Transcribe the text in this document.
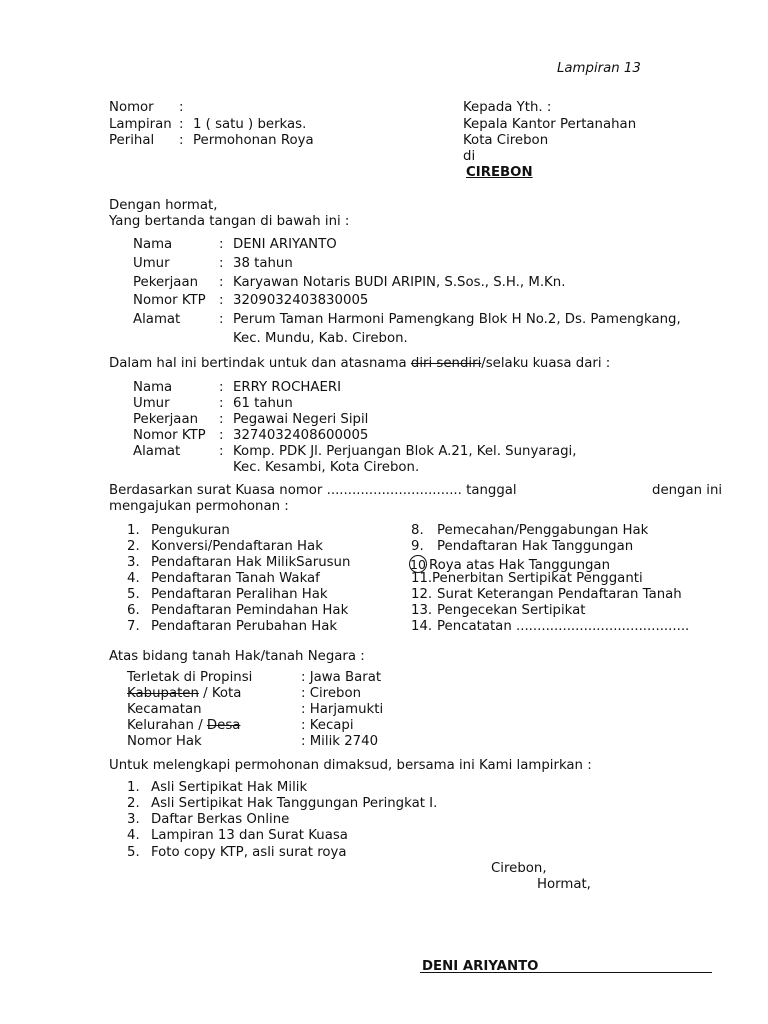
Lampiran 13
Nomor :
Lampiran : 1 ( satu ) berkas.
Perihal : Permohonan Roya
Kepada Yth. :
Kepala Kantor Pertanahan
Kota Cirebon
di
CIREBON
Dengan hormat,
Yang bertanda tangan di bawah ini :
Nama	: DENI ARIYANTO
Umur	: 38 tahun
Pekerjaan : Karyawan Notaris BUDI ARIPIN, S.Sos., S.H., M.Kn.
Nomor KTP : 3209032403830005
Alamat	: Perum Taman Harmoni Pamengkang Blok H No.2, Ds. Pamengkang,
Kec. Mundu, Kab. Cirebon.
Dalam hal ini bertindak untuk dan atasnama diri sendiri/selaku kuasa dari :
Nama	: ERRY ROCHAERI
Umur	: 61 tahun
Pekerjaan : Pegawai Negeri Sipil
Nomor KTP : 3274032408600005
Alamat	: Komp. PDK Jl. Perjuangan Blok A.21, Kel. Sunyaragi,
Kec. Kesambi, Kota Cirebon.
Berdasarkan surat Kuasa nomor ................................ tanggal	dengan ini
mengajukan permohonan :
1. Pengukuran
2. Konversi/Pendaftaran Hak
3. Pendaftaran Hak MilikSarusun
4. Pendaftaran Tanah Wakaf
5. Pendaftaran Peralihan Hak
6. Pendaftaran Pemindahan Hak
7. Pendaftaran Perubahan Hak
8. Pemecahan/Penggabungan Hak
9. Pendaftaran Hak Tanggungan
10 Roya atas Hak Tanggungan
11. Penerbitan Sertipikat Pengganti
12. Surat Keterangan Pendaftaran Tanah
13. Pengecekan Sertipikat
14. Pencatatan .........................................
Atas bidang tanah Hak/tanah Negara :
Terletak di Propinsi	: Jawa Barat
Kabupaten / Kota	: Cirebon
Kecamatan	: Harjamukti
Kelurahan / Desa	: Kecapi
Nomor Hak	: Milik 2740
Untuk melengkapi permohonan dimaksud, bersama ini Kami lampirkan :
1. Asli Sertipikat Hak Milik
2. Asli Sertipikat Hak Tanggungan Peringkat I.
3. Daftar Berkas Online
4. Lampiran 13 dan Surat Kuasa
5. Foto copy KTP, asli surat roya
Cirebon,
Hormat,
DENI ARIYANTO
